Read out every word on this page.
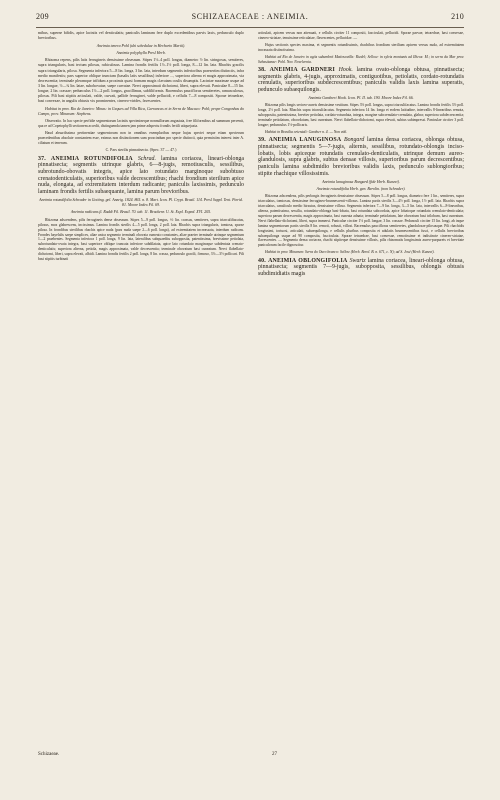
209	SCHIZAEACEAE : ANEIMIA.	210

mibus, superne bifidis, apice laciniis vel denticulatis; paniculis laminam fere duplo excedentibus parvis laxis, pedunculo duplo brevioribus.

Aneimia tenera Pohl (ubi schedulae in Herbario Martii).

Aneimia polyphylla Presl Herb.

Rhizoma repens, pilis latis ferrugineis densissime obsessum. Stipes 1½–4 poll. longus, diametro ½ lin. stringosus, semiteres, supra triangularis, basi tectum pilosus, rubiculosus. Lamina frondis fertilis 1½–1½ poll. longa, 8—12 lin. lata. Rhachis gracilis supra triangularis, pilosa. Segmenta inferiora 5—8 lin. longa, 3 lin. lata, interdum segmentis inferioribus praesertim distinctis, infra medio manifestis; pars superior oblique trunctam (basalis latis sessilibus) inferiore ..., superiora alterna et magis approximata, via decrescentia; terminale pleramque trifidum a proximis quasi formam magis clavatam oculis disumptis. Laciniae maximae usque ad 3 lin. longae, ½—¾ lin. latae, subobovatae, saepe curvatae. Nervi approximati dichotomi, liberi, supra elevati. Paniculae 8—15 lin. longae, 2 lin. crassae; pedunculus 1½—2 poll. longus, gracillimus, subfiliformis. Racemulus pauciflorus semiteretes, ramusculosus, pilosus. Pili basi stipitis articulati, valde, curvati, pallide ferruginei, valde pellucidi, e cellulis 7—8 compositi. Sporae tetraedrae, basi convexae, in angulis obtusis vix prominentes, cinereo-virides, favescentes.

Habitat in prov. Rio de Janeiro: Minas: in Geques ad Villa Rica, Carrancas et in Serra de Macaco: Pohl; prope Congonhas do Campo, prov. Minarum: Stephens.

Observatio. In hac specie perfidie segmentorum laciniis specimineque nonnullorum angustata, free filiformibus ad summum pervenit, qua re ad Copetophylli sectionem accedit, distinguenda tamen jam prime adspectu frondis fertili utiquejaxta.

Haud absurdissima pertinentiae segmentorum non in omnibus exemplaribus neque hujus speciei neque etiam specierum praecedentibus absolute constantem esse, eximus non distinctionem sum proscindum pro specie distincti, quia permixtim interest inter A. ciliatum et tenerum.

C. Pars sterilis pinnatisecta. (Spec. 37 — 47.)

37. ANEIMIA ROTUNDIFOLIA Schrad. lamina coriacea, lineari-oblonga pinnatisecta; segmentis utrinque glabris, 6—8-jugis, remotiusculis, sessilibus, subrotundo-obovatis integris, apice lato rotundato marginoque subobtuso crenatodenticulatis, superioribus valde decrescentibus; rhachi frondium sterilium apice nuda, elongata, ad extremitatem interdum radicante; paniculis laxissimis, pedunculo laminam frondis fertilis subaequante, lamina parum brevioribus.

Aneimia rotundifolia Schrader in Gotting. gel. Anzeig. 1824. 865. n. 8. Mart. Icon. Pl. Crypt. Brasil. 114. Presl Suppl. Tent. Pterid. 81. Moore Index Fil. 69.

Aneimia radicans β. Raddi Fil. Brasil. 70. tab. 11. Brackenr. U. St. Expl. Exped. XVI. 205.

Rhizoma adscendens, pilis ferrugineis dense obsessum. Stipes 5—9 poll. longus, ⅙ lin. crassus, semiteres, supra triarculifiacatus, pilosus, mox glabrescens, incissimus. Lamina frondis sterilis 4—5 poll. longa, 2 poll. lata. Rhachis supra triangularis, tomtosa, sparse pilosa. In frondibus sterilibus rhachis apice nuda (pars nuda saepe 2—6 poll. longa), ad extremitatem increassata, interdum radicans. Frondes hayelalis saepe simplices, aliae unica segmento terminali obovata cumeato constantes, aliae praeter terminale utrinque segmentum 1—2 praebentes. Segmenta inferiora 1 poll. longa, 9 lin. lata, lateralibus subquaeditu subopposita, patentissima, brevissime petiolata, subrotundato-ovata integra, basi superiore oblique truncata inferiore subdilatata, apice lato rotundato marginoque subdentata crenato-denticulatis; superiora alterna, petiola, magis approximata, valde decrescentia; terminale obovatum basi cuneatum. Nervi flabellato-dichotomi, liberi, supra elevati, albidi. Lamina frondis fertilis 2 poll. longa, 8 lin. crassa, pedunculo gracili, firmoso, 3½—3½ pollicari. Pili basi stipitis turbinati

articulati, apicem versus non attenuati, e cellulis circiter 11 compositi, fasciculati, pellucidi. Sporae parvae, tetraedrae, basi convexae, cinereo-striatae, tenuissime reticulatae, flavescentes, pellucidae. —

Hujus sectionis species maxima, et segmentis rotundissimis, rhachibus frondium sterilium apicem versus nuda, ad extremitatem incrassata distinctissima.

Habitat ad Rio de Janeiro in agiis subumbrit Mattosovilla: Riedel; Sellow: in sylvis montanis ad Ilheos: M.; in serra da Mar prov. Sebastianae: Pohl. Nov. Novelvenia.

38. ANEIMIA GARDNERI Hook. lamina ovato-oblonga obtusa, pinnatisecta; segmentis glabris, 4-jugis, approximatis, contiguotibus, petiolatis, cordato-rotundatis crenulatis, superioribus subdecrescentibus; paniculis validis laxis lamina superatis, pedunculo subaequilongis.

Aneimia Gardneri Hook. Icon. Pl. II. tab. 190. Moore Index Fil. 66.

Rhizoma pilis longis sericeo-aureis densissime vestitum. Stipes 3½ poll. longus, supra triarculifacatus. Lamina frondis fertilis 3½ poll. longa, 2½ poll. lata. Rhachis supra triarculifacatus. Segmenta inferiora 14 lin. longa et eodem latitudine, intervallis 8-lineariibus remota, subopposita, patentissima, breviter petiolata, cordato-rotundata, integra, margine subcrenulato-crenulata, glabra; superiora subdecrescentia; terminale petiolatum, obcordatum, basi cuneatum. Nervi flabellato-dichotomi, supra elevati, subtus subimpressi. Paniculae circiter 3 poll. longae; pedunculus 1½-pollicaris.

Habitat in Brasilia orientali: Gardner n. 4. — Non vidi.

39. ANEIMIA LANUGINOSA Bongard lamina densa coriacea, oblonga obtusa, pinnatisecta; segmentis 5—7-jugis, alternis, sessilibus, rotundato-oblongis inciso-lobatis, lobis apiceque rotundatis crenulato-denticulatis, utrinque demum aureo-glandulosis, supra glabris, subtus densae villosis, superioribus parum decrescentibus; paniculis lamina subdimidio brevioribus validis laxis, pedunculo sublongioribus; stipite rhachique villosissimis.

Aneimia lanuginosa Bongard (fide Herb. Kunzei).

Aneimia rotundifolia Herb. gen. Berolin. (non Schrader).

Rhizoma adscendens, pilis perlongis ferrugineis densissime obsessum. Stipes 5—8 poll. longus, diametro fere 1 lin., semiteres, supra triarculatus, tomtosus, densissime ferrugineo-brunnescenti-villosus. Lamina partis sterilis 3—4½ poll. longa, 1½ poll. lata. Rhachis supra triarculatus, canaliculo medio hirsutus, densissime villosa. Segmenta inferiora 7—9 lin. longa, 3—5 lin. lata, intervallis 6—8-linearibus, alterna, patentissima, sessilia, rotundato-oblonga basi-lobata, basi rotundata subcordata, apice lobatoque rotundata crenulato-denticulata; superiora parum decrescentia, magis approximata, basi cuneata adnata; terminale petiolatum, late obovatum basi trilobum, basi cuneatum. Nervi flabellato-dichotomi, liberi, supra immersi. Paniculae circiter 1½ poll. longae, 3 lin. crassae. Pedunculi circiter 15 lin. longi, ab inque lamina segmentorum partis sterilis 8 lin. remoti, robusti, villosi. Racemulus pauciflorus semiteretes, glandulosae pilosusque. Pili rhachidis longissimi, tortuosi, articulati, subaequilonga, e cellulis pluribus composita et adulatis brunnescentibus fusci, e cellulis brevioribus subaequilonga usque ad 90 composita, fasciculata. Sporae tetraedrae, basi convexae, remotissime et indistincte cinereo-striatae, flavescentes. — Segmenta densa coriacea, rhachi stipiteque densissime villosis, pilis rhizomatis longissimis aureo-purpureis et brevitate paniculorum facile dignoscitur.

Habitat in prov. Minarum: Serra do Ouro branco: Sellow (Herb. Berol. B. n. 671, c. N); ad S. José (Herb. Kunzei).

40. ANEIMIA OBLONGIFOLIA Swartz lamina coriacea, lineari-oblonga obtusa, pinnatisecta; segmentis 7—9-jugis, subopposita, sessilibus, oblongis obtusis subdimidiatis magis

Schizaeae.	27
